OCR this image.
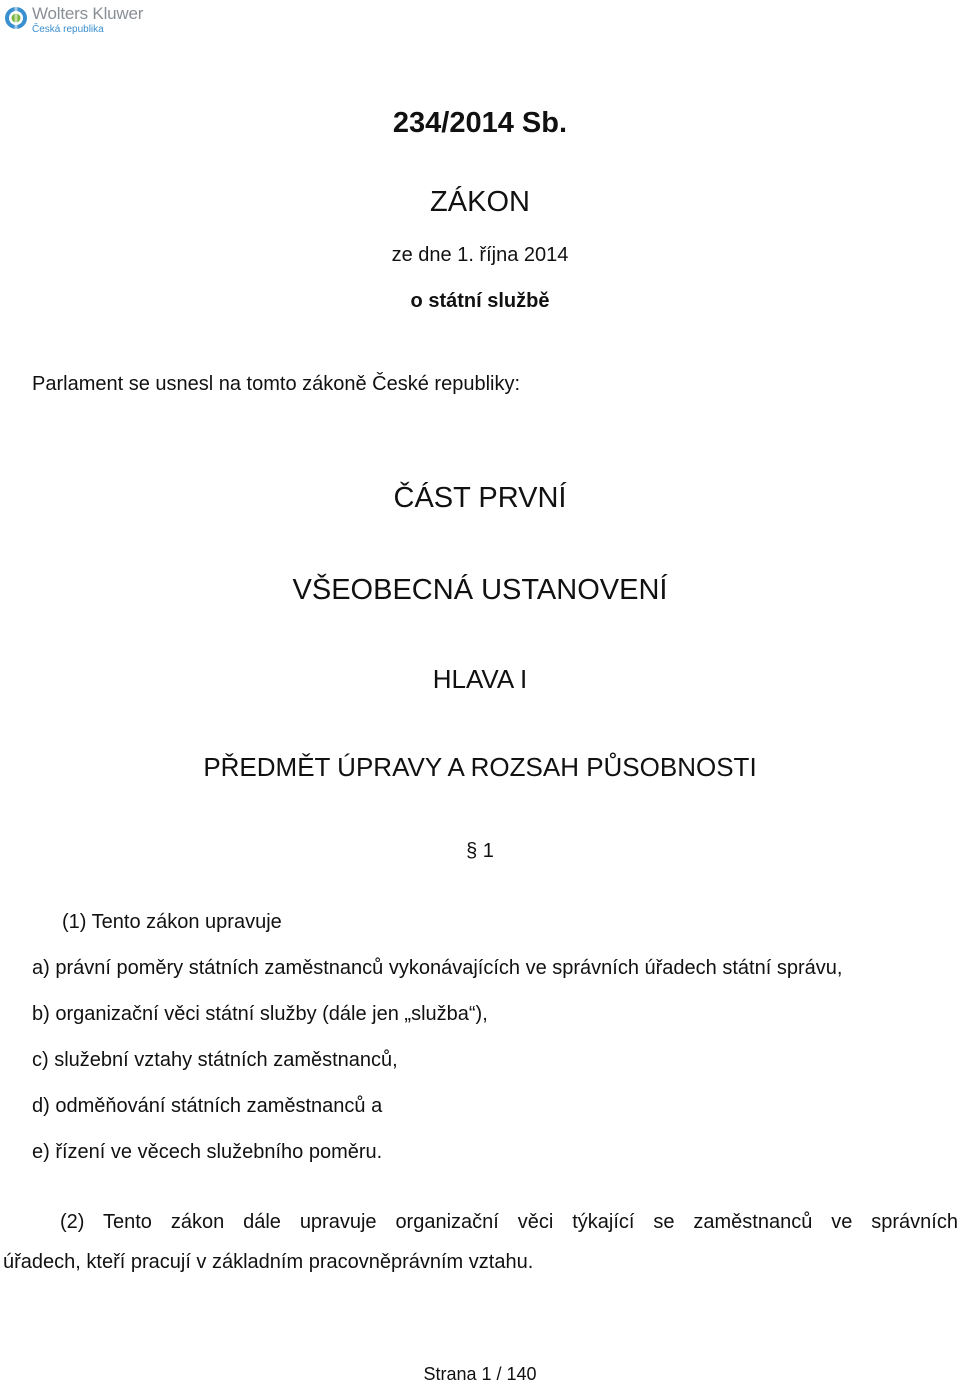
Wolters Kluwer
Česká republika
234/2014 Sb.
ZÁKON
ze dne 1. října 2014
o státní službě
Parlament se usnesl na tomto zákoně České republiky:
ČÁST PRVNÍ
VŠEOBECNÁ USTANOVENÍ
HLAVA I
PŘEDMĚT ÚPRAVY A ROZSAH PŮSOBNOSTI
§ 1
(1) Tento zákon upravuje
a) právní poměry státních zaměstnanců vykonávajících ve správních úřadech státní správu,
b) organizační věci státní služby (dále jen „služba“),
c) služební vztahy státních zaměstnanců,
d) odměňování státních zaměstnanců a
e) řízení ve věcech služebního poměru.
(2) Tento zákon dále upravuje organizační věci týkající se zaměstnanců ve správních
úřadech, kteří pracují v základním pracovněprávním vztahu.
Strana 1 / 140
